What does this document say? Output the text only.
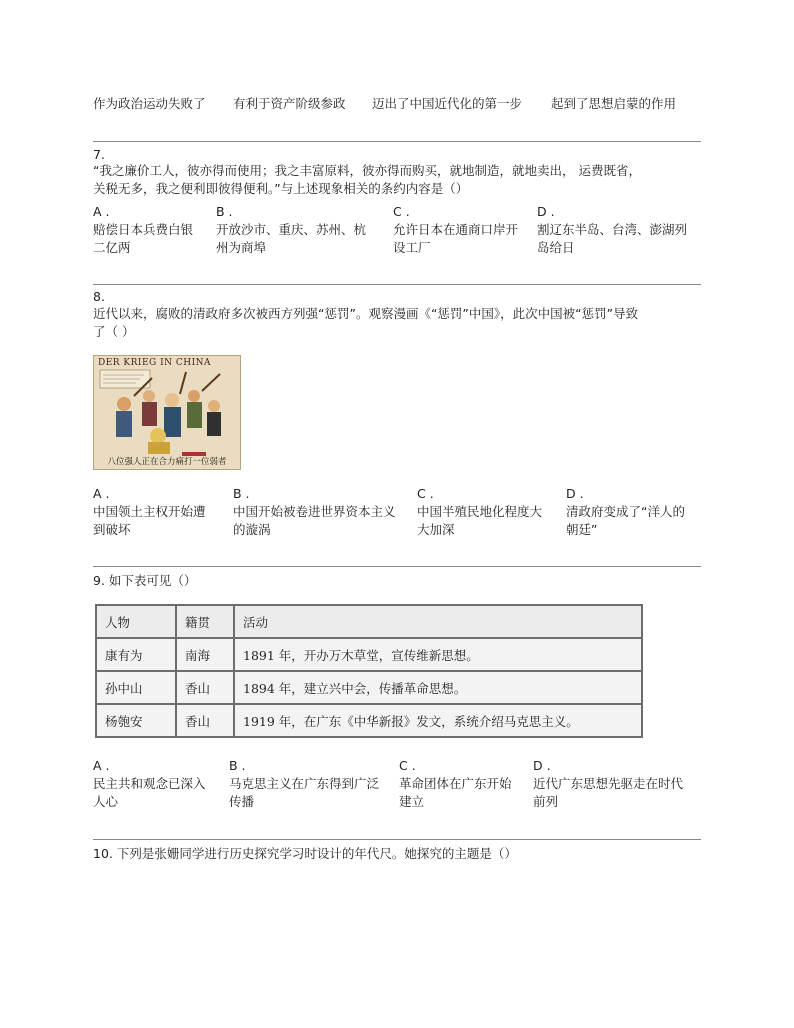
作为政治运动失败了 有利于资产阶级参政 迈出了中国近代化的第一步 起到了思想启蒙的作用
7.
“我之廉价工人，彼亦得而使用；我之丰富原料，彼亦得而购买，就地制造，就地卖出， 运费既省，
关税无多，我之便利即彼得便利。”与上述现象相关的条约内容是（）
A .
赔偿日本兵费白银
二亿两
B .
开放沙市、重庆、苏州、杭
州为商埠
C .
允许日本在通商口岸开
设工厂
D .
割辽东半岛、台湾、澎湖列
岛给日
8.
近代以来，腐败的清政府多次被西方列强“惩罚”。观察漫画《“惩罚”中国》，此次中国被“惩罚”导致
了（ ）
DER KRIEG IN CHINA
八位强人正在合力痛打一位弱者
A .
中国领土主权开始遭
到破坏
B .
中国开始被卷进世界资本主义
的漩涡
C .
中国半殖民地化程度大
大加深
D .
清政府变成了“洋人的
朝廷”
9. 如下表可见（）
人物	籍贯	活动
康有为	南海	1891 年，开办万木草堂，宣传维新思想。
孙中山	香山	1894 年，建立兴中会，传播革命思想。
杨匏安	香山	1919 年，在广东《中华新报》发文，系统介绍马克思主义。
A .
民主共和观念已深入
人心
B .
马克思主义在广东得到广泛
传播
C .
革命团体在广东开始
建立
D .
近代广东思想先驱走在时代
前列
10. 下列是张姗同学进行历史探究学习时设计的年代尺。她探究的主题是（）
